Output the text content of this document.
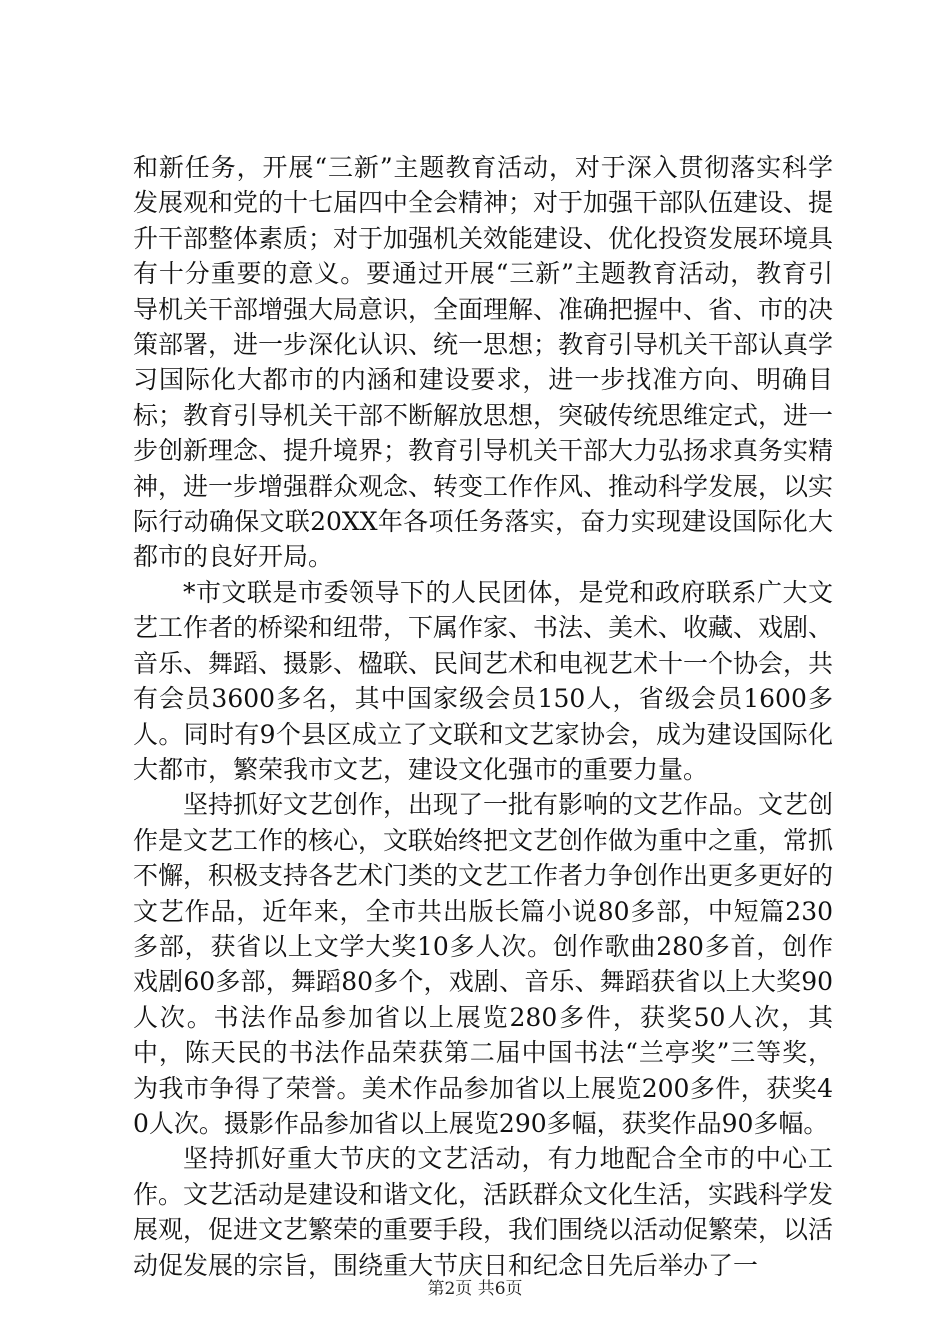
和新任务，开展“三新”主题教育活动，对于深入贯彻落实科学发展观和党的十七届四中全会精神；对于加强干部队伍建设、提升干部整体素质；对于加强机关效能建设、优化投资发展环境具有十分重要的意义。要通过开展“三新”主题教育活动，教育引导机关干部增强大局意识，全面理解、准确把握中、省、市的决策部署，进一步深化认识、统一思想；教育引导机关干部认真学习国际化大都市的内涵和建设要求，进一步找准方向、明确目标；教育引导机关干部不断解放思想，突破传统思维定式，进一步创新理念、提升境界；教育引导机关干部大力弘扬求真务实精神，进一步增强群众观念、转变工作作风、推动科学发展，以实际行动确保文联20XX年各项任务落实，奋力实现建设国际化大都市的良好开局。

*市文联是市委领导下的人民团体，是党和政府联系广大文艺工作者的桥梁和纽带，下属作家、书法、美术、收藏、戏剧、音乐、舞蹈、摄影、楹联、民间艺术和电视艺术十一个协会，共有会员3600多名，其中国家级会员150人，省级会员1600多人。同时有9个县区成立了文联和文艺家协会，成为建设国际化大都市，繁荣我市文艺，建设文化强市的重要力量。

坚持抓好文艺创作，出现了一批有影响的文艺作品。文艺创作是文艺工作的核心，文联始终把文艺创作做为重中之重，常抓不懈，积极支持各艺术门类的文艺工作者力争创作出更多更好的文艺作品，近年来，全市共出版长篇小说80多部，中短篇230多部，获省以上文学大奖10多人次。创作歌曲280多首，创作戏剧60多部，舞蹈80多个，戏剧、音乐、舞蹈获省以上大奖90人次。书法作品参加省以上展览280多件，获奖50人次，其中，陈天民的书法作品荣获第二届中国书法“兰亭奖”三等奖，为我市争得了荣誉。美术作品参加省以上展览200多件，获奖40人次。摄影作品参加省以上展览290多幅，获奖作品90多幅。

坚持抓好重大节庆的文艺活动，有力地配合全市的中心工作。文艺活动是建设和谐文化，活跃群众文化生活，实践科学发展观，促进文艺繁荣的重要手段，我们围绕以活动促繁荣，以活动促发展的宗旨，围绕重大节庆日和纪念日先后举办了一

第2页 共6页
